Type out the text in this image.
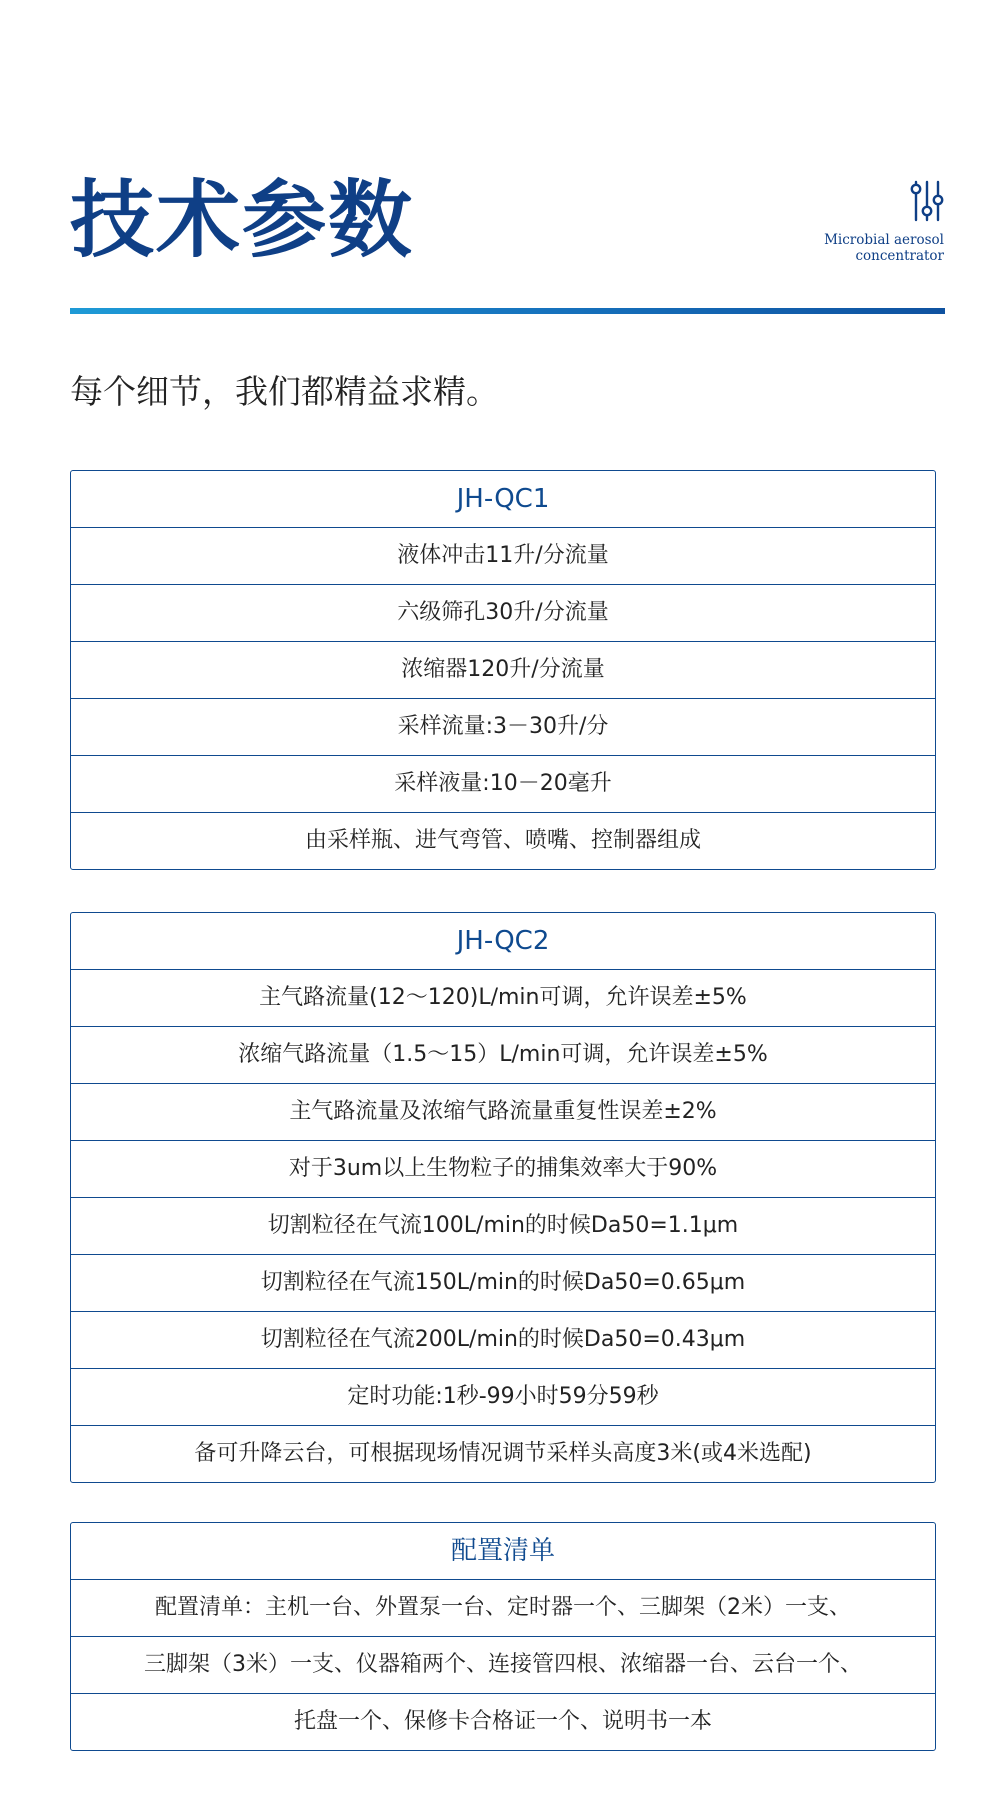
技术参数	Microbial aerosol
concentrator
每个细节，我们都精益求精。
JH-QC1
液体冲击11升/分流量
六级筛孔30升/分流量
浓缩器120升/分流量
采样流量:3－30升/分
采样液量:10－20毫升
由采样瓶、进气弯管、喷嘴、控制器组成
JH-QC2
主气路流量(12～120)L/min可调，允许误差±5%
浓缩气路流量（1.5～15）L/min可调，允许误差±5%
主气路流量及浓缩气路流量重复性误差±2%
对于3um以上生物粒子的捕集效率大于90%
切割粒径在气流100L/min的时候Da50=1.1μm
切割粒径在气流150L/min的时候Da50=0.65μm
切割粒径在气流200L/min的时候Da50=0.43μm
定时功能:1秒-99小时59分59秒
备可升降云台，可根据现场情况调节采样头高度3米(或4米选配)
配置清单
配置清单：主机一台、外置泵一台、定时器一个、三脚架（2米）一支、
三脚架（3米）一支、仪器箱两个、连接管四根、浓缩器一台、云台一个、
托盘一个、保修卡合格证一个、说明书一本
